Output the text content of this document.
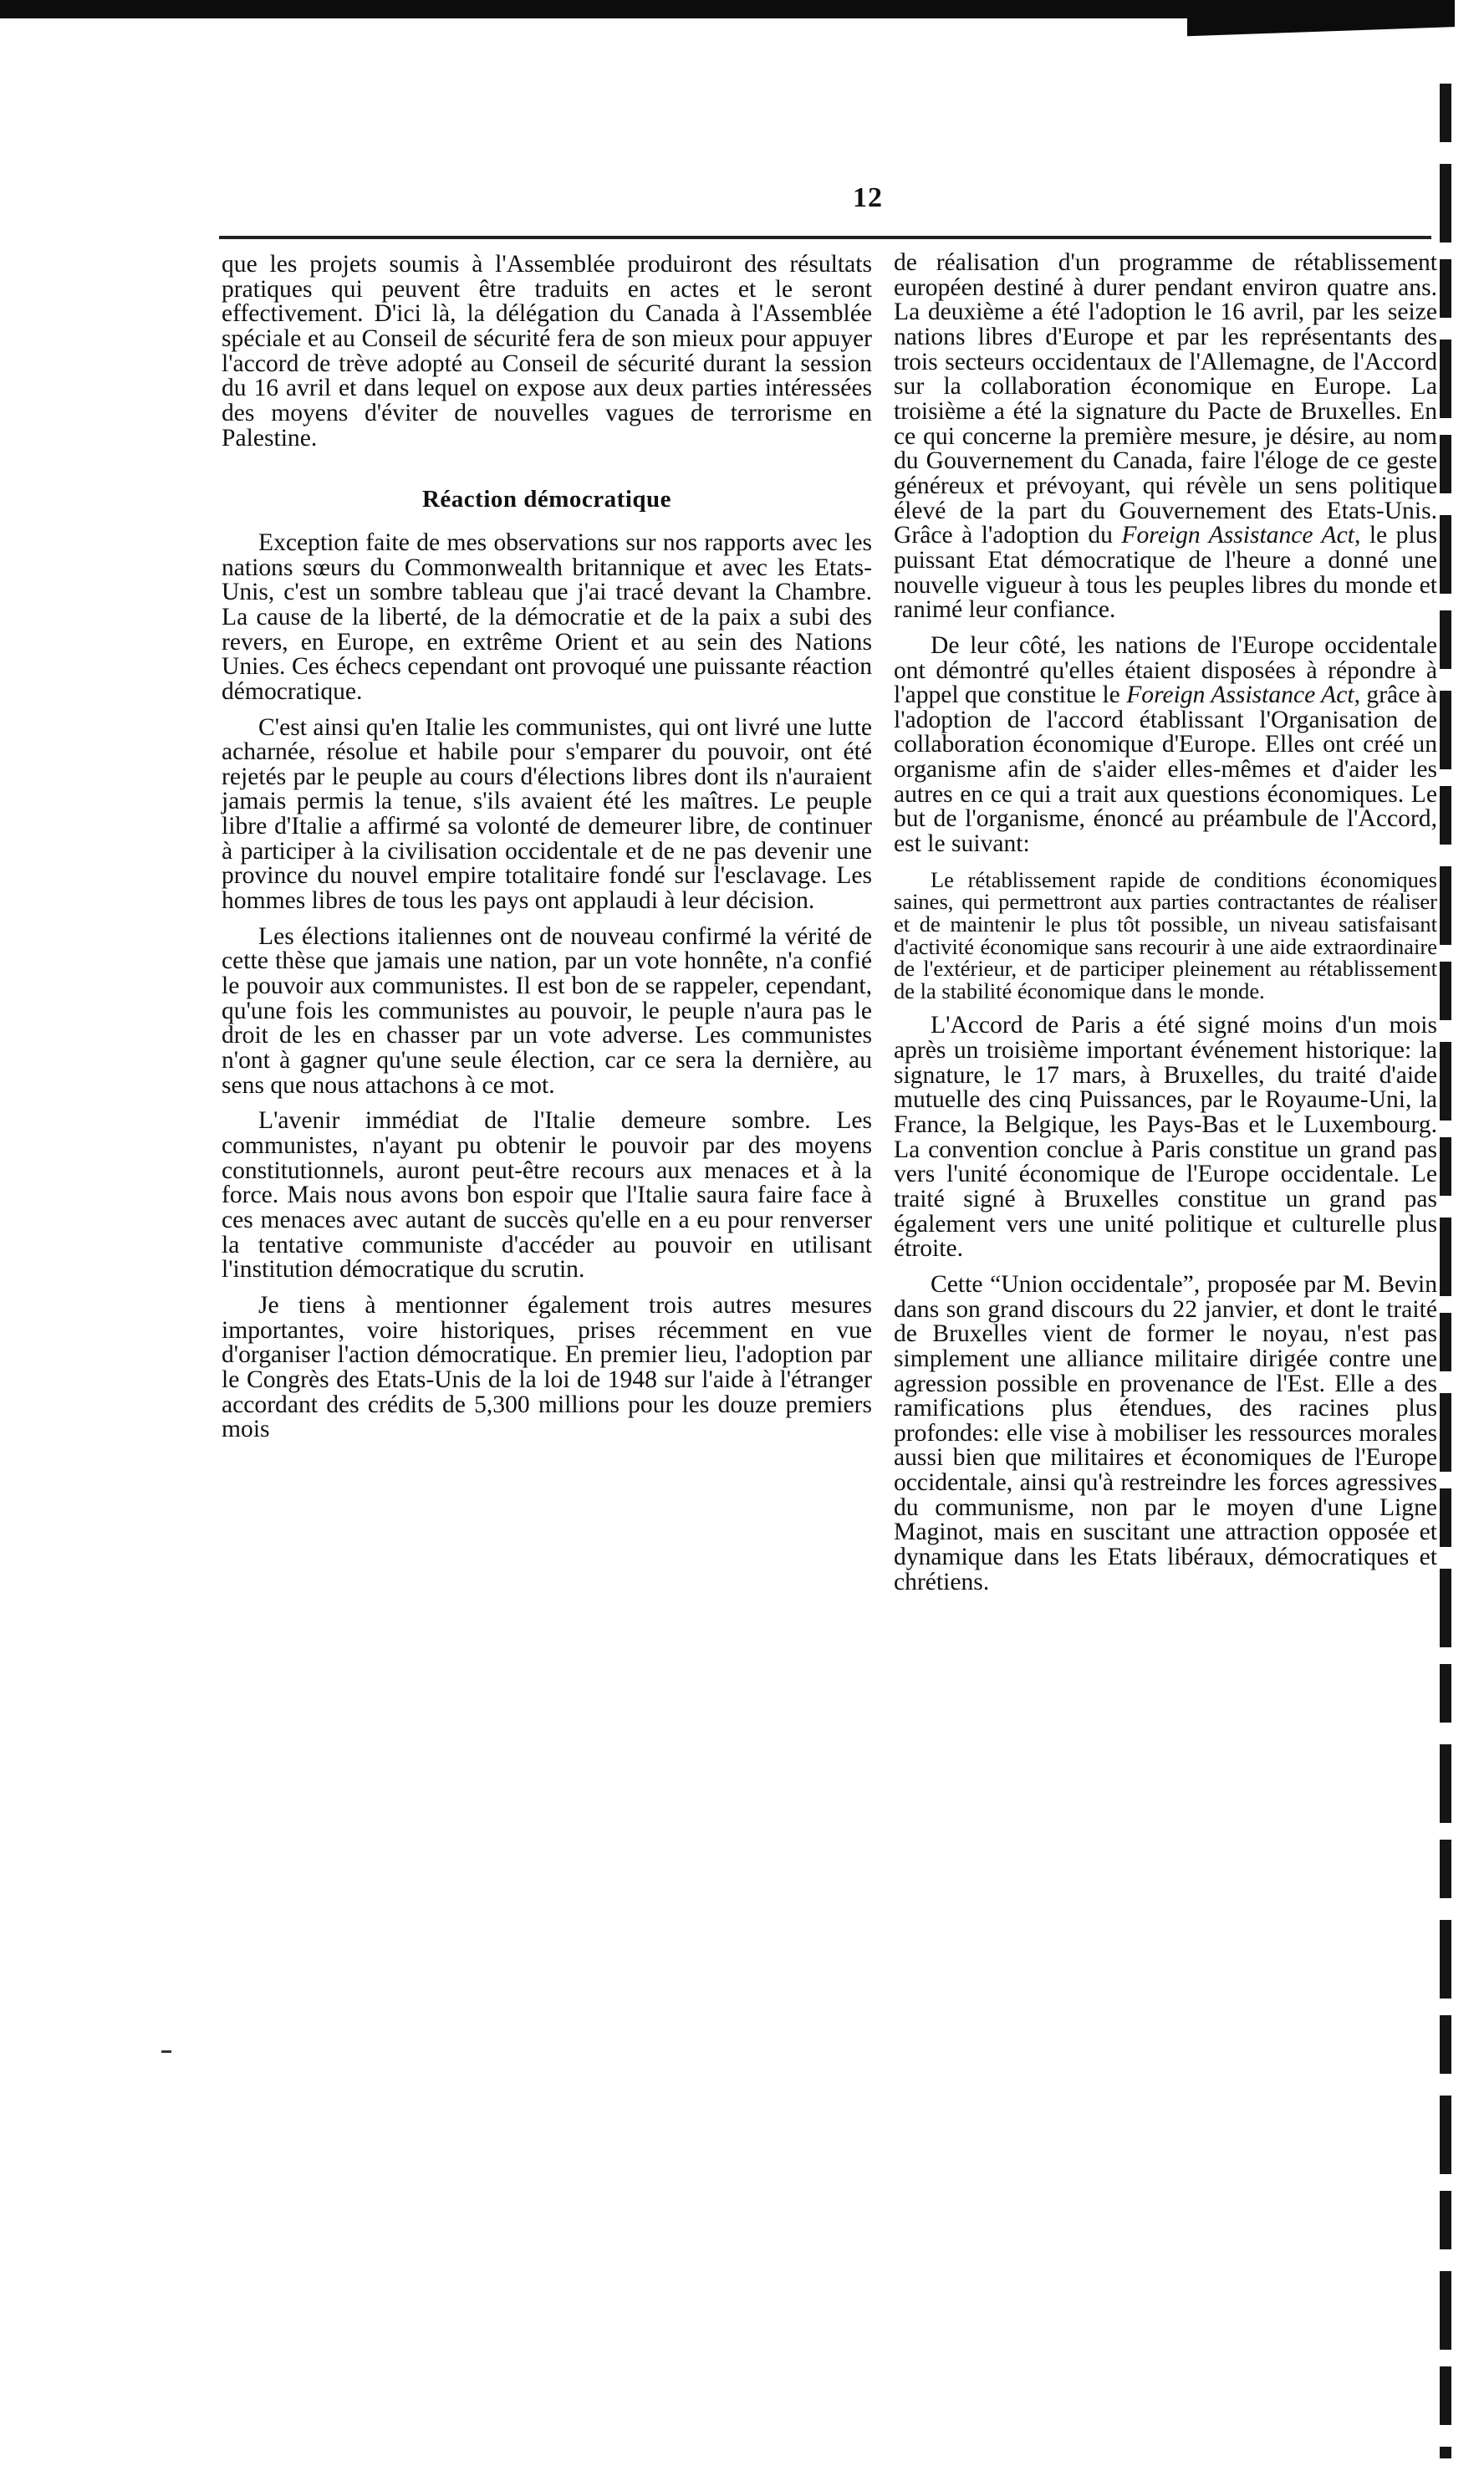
12

que les projets soumis à l'Assemblée produiront des résultats pratiques qui peuvent être traduits en actes et le seront effectivement. D'ici là, la délégation du Canada à l'Assemblée spéciale et au Conseil de sécurité fera de son mieux pour appuyer l'accord de trève adopté au Conseil de sécurité durant la session du 16 avril et dans lequel on expose aux deux parties intéressées des moyens d'éviter de nouvelles vagues de terrorisme en Palestine.

Réaction démocratique

Exception faite de mes observations sur nos rapports avec les nations sœurs du Commonwealth britannique et avec les Etats-Unis, c'est un sombre tableau que j'ai tracé devant la Chambre. La cause de la liberté, de la démocratie et de la paix a subi des revers, en Europe, en extrême Orient et au sein des Nations Unies. Ces échecs cependant ont provoqué une puissante réaction démocratique.

C'est ainsi qu'en Italie les communistes, qui ont livré une lutte acharnée, résolue et habile pour s'emparer du pouvoir, ont été rejetés par le peuple au cours d'élections libres dont ils n'auraient jamais permis la tenue, s'ils avaient été les maîtres. Le peuple libre d'Italie a affirmé sa volonté de demeurer libre, de continuer à participer à la civilisation occidentale et de ne pas devenir une province du nouvel empire totalitaire fondé sur l'esclavage. Les hommes libres de tous les pays ont applaudi à leur décision.

Les élections italiennes ont de nouveau confirmé la vérité de cette thèse que jamais une nation, par un vote honnête, n'a confié le pouvoir aux communistes. Il est bon de se rappeler, cependant, qu'une fois les communistes au pouvoir, le peuple n'aura pas le droit de les en chasser par un vote adverse. Les communistes n'ont à gagner qu'une seule élection, car ce sera la dernière, au sens que nous attachons à ce mot.

L'avenir immédiat de l'Italie demeure sombre. Les communistes, n'ayant pu obtenir le pouvoir par des moyens constitutionnels, auront peut-être recours aux menaces et à la force. Mais nous avons bon espoir que l'Italie saura faire face à ces menaces avec autant de succès qu'elle en a eu pour renverser la tentative communiste d'accéder au pouvoir en utilisant l'institution démocratique du scrutin.

Je tiens à mentionner également trois autres mesures importantes, voire historiques, prises récemment en vue d'organiser l'action démocratique. En premier lieu, l'adoption par le Congrès des Etats-Unis de la loi de 1948 sur l'aide à l'étranger accordant des crédits de 5,300 millions pour les douze premiers mois

de réalisation d'un programme de rétablissement européen destiné à durer pendant environ quatre ans. La deuxième a été l'adoption le 16 avril, par les seize nations libres d'Europe et par les représentants des trois secteurs occidentaux de l'Allemagne, de l'Accord sur la collaboration économique en Europe. La troisième a été la signature du Pacte de Bruxelles. En ce qui concerne la première mesure, je désire, au nom du Gouvernement du Canada, faire l'éloge de ce geste généreux et prévoyant, qui révèle un sens politique élevé de la part du Gouvernement des Etats-Unis. Grâce à l'adoption du Foreign Assistance Act, le plus puissant Etat démocratique de l'heure a donné une nouvelle vigueur à tous les peuples libres du monde et ranimé leur confiance.

De leur côté, les nations de l'Europe occidentale ont démontré qu'elles étaient disposées à répondre à l'appel que constitue le Foreign Assistance Act, grâce à l'adoption de l'accord établissant l'Organisation de collaboration économique d'Europe. Elles ont créé un organisme afin de s'aider elles-mêmes et d'aider les autres en ce qui a trait aux questions économiques. Le but de l'organisme, énoncé au préambule de l'Accord, est le suivant:

Le rétablissement rapide de conditions économiques saines, qui permettront aux parties contractantes de réaliser et de maintenir le plus tôt possible, un niveau satisfaisant d'activité économique sans recourir à une aide extraordinaire de l'extérieur, et de participer pleinement au rétablissement de la stabilité économique dans le monde.

L'Accord de Paris a été signé moins d'un mois après un troisième important événement historique: la signature, le 17 mars, à Bruxelles, du traité d'aide mutuelle des cinq Puissances, par le Royaume-Uni, la France, la Belgique, les Pays-Bas et le Luxembourg. La convention conclue à Paris constitue un grand pas vers l'unité économique de l'Europe occidentale. Le traité signé à Bruxelles constitue un grand pas également vers une unité politique et culturelle plus étroite.

Cette “Union occidentale”, proposée par M. Bevin dans son grand discours du 22 janvier, et dont le traité de Bruxelles vient de former le noyau, n'est pas simplement une alliance militaire dirigée contre une agression possible en provenance de l'Est. Elle a des ramifications plus étendues, des racines plus profondes: elle vise à mobiliser les ressources morales aussi bien que militaires et économiques de l'Europe occidentale, ainsi qu'à restreindre les forces agressives du communisme, non par le moyen d'une Ligne Maginot, mais en suscitant une attraction opposée et dynamique dans les Etats libéraux, démocratiques et chrétiens.
